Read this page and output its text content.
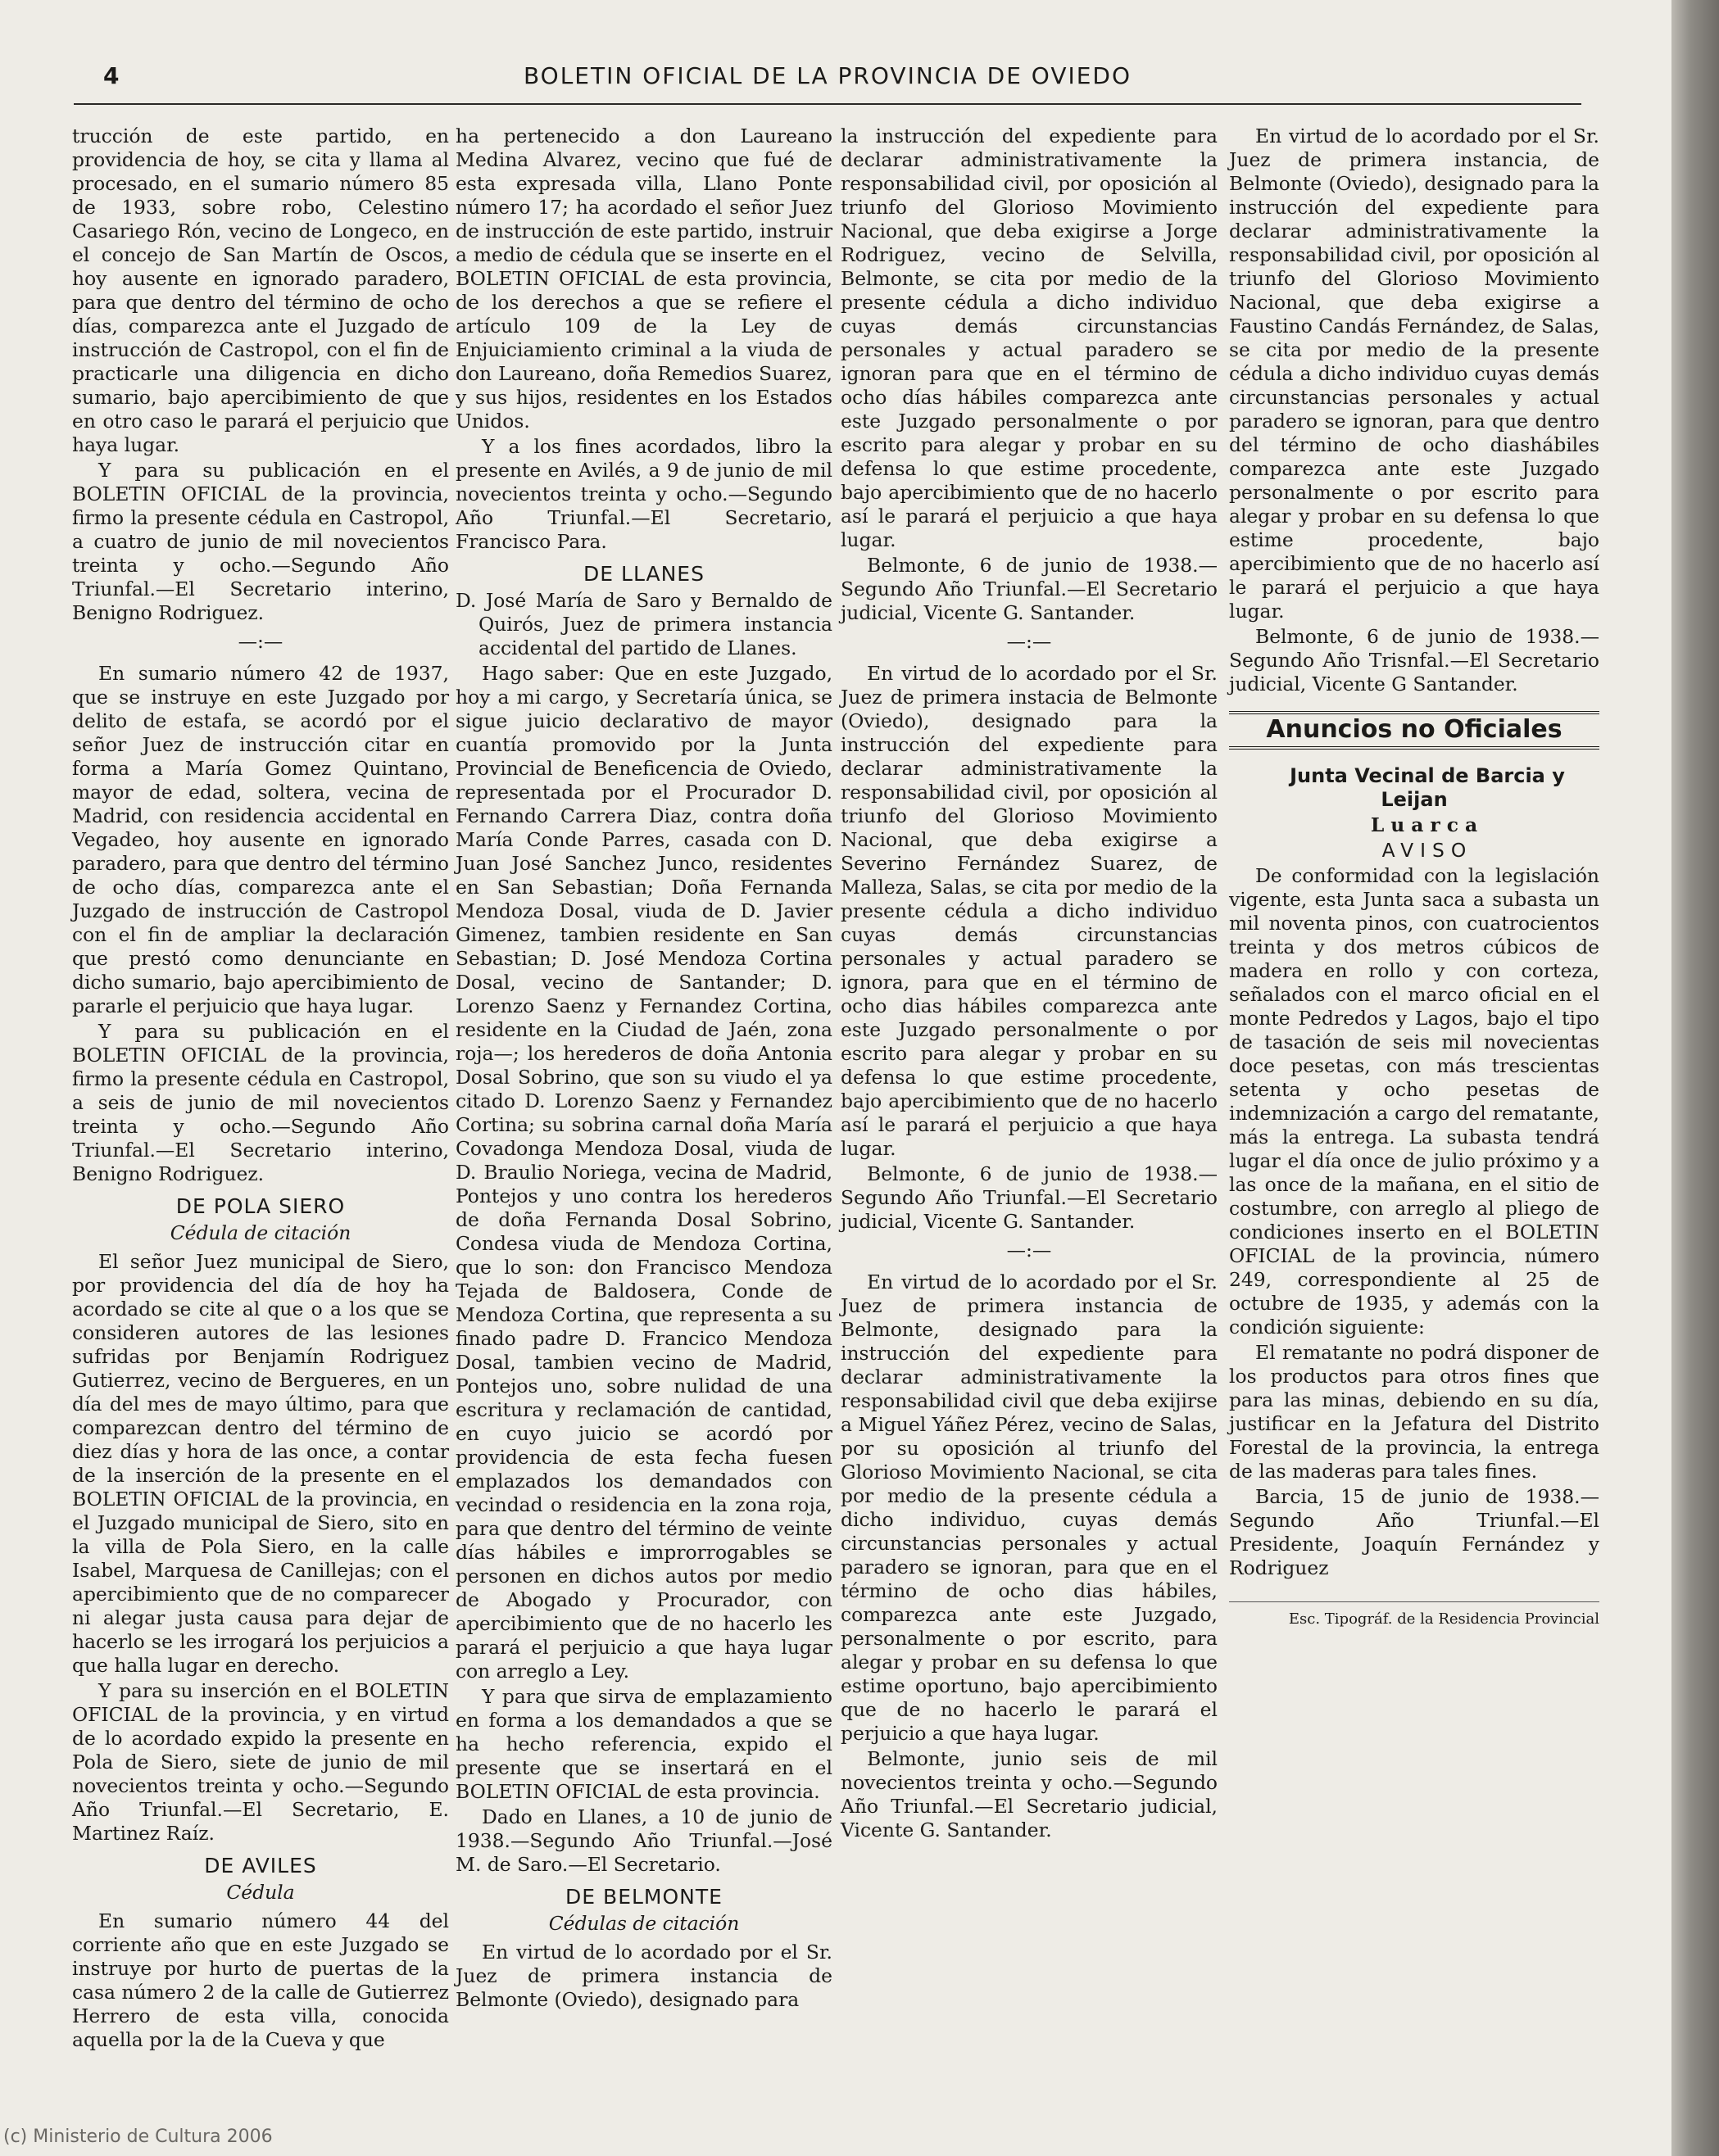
4	BOLETIN OFICIAL DE LA PROVINCIA DE OVIEDO

trucción de este partido, en providencia de hoy, se cita y llama al procesado, en el sumario número 85 de 1933, sobre robo, Celestino Casariego Rón, vecino de Longeco, en el concejo de San Martín de Oscos, hoy ausente en ignorado paradero, para que dentro del término de ocho días, comparezca ante el Juzgado de instrucción de Castropol, con el fin de practicarle una diligencia en dicho sumario, bajo apercibimiento de que en otro caso le parará el perjuicio que haya lugar.

Y para su publicación en el BOLETIN OFICIAL de la provincia, firmo la presente cédula en Castropol, a cuatro de junio de mil novecientos treinta y ocho.—Segundo Año Triunfal.—El Secretario interino, Benigno Rodriguez.

—:—

En sumario número 42 de 1937, que se instruye en este Juzgado por delito de estafa, se acordó por el señor Juez de instrucción citar en forma a María Gomez Quintano, mayor de edad, soltera, vecina de Madrid, con residencia accidental en Vegadeo, hoy ausente en ignorado paradero, para que dentro del término de ocho días, comparezca ante el Juzgado de instrucción de Castropol con el fin de ampliar la declaración que prestó como denunciante en dicho sumario, bajo apercibimiento de pararle el perjuicio que haya lugar.

Y para su publicación en el BOLETIN OFICIAL de la provincia, firmo la presente cédula en Castropol, a seis de junio de mil novecientos treinta y ocho.—Segundo Año Triunfal.—El Secretario interino, Benigno Rodriguez.

DE POLA SIERO
Cédula de citación

El señor Juez municipal de Siero, por providencia del día de hoy ha acordado se cite al que o a los que se consideren autores de las lesiones sufridas por Benjamín Rodriguez Gutierrez, vecino de Bergueres, en un día del mes de mayo último, para que comparezcan dentro del término de diez días y hora de las once, a contar de la inserción de la presente en el BOLETIN OFICIAL de la provincia, en el Juzgado municipal de Siero, sito en la villa de Pola Siero, en la calle Isabel, Marquesa de Canillejas; con el apercibimiento que de no comparecer ni alegar justa causa para dejar de hacerlo se les irrogará los perjuicios a que halla lugar en derecho.

Y para su inserción en el BOLETIN OFICIAL de la provincia, y en virtud de lo acordado expido la presente en Pola de Siero, siete de junio de mil novecientos treinta y ocho.—Segundo Año Triunfal.—El Secretario, E. Martinez Raíz.

DE AVILES
Cédula

En sumario número 44 del corriente año que en este Juzgado se instruye por hurto de puertas de la casa número 2 de la calle de Gutierrez Herrero de esta villa, conocida aquella por la de la Cueva y que

ha pertenecido a don Laureano Medina Alvarez, vecino que fué de esta expresada villa, Llano Ponte número 17; ha acordado el señor Juez de instrucción de este partido, instruir a medio de cédula que se inserte en el BOLETIN OFICIAL de esta provincia, de los derechos a que se refiere el artículo 109 de la Ley de Enjuiciamiento criminal a la viuda de don Laureano, doña Remedios Suarez, y sus hijos, residentes en los Estados Unidos.

Y a los fines acordados, libro la presente en Avilés, a 9 de junio de mil novecientos treinta y ocho.—Segundo Año Triunfal.—El Secretario, Francisco Para.

DE LLANES

D. José María de Saro y Bernaldo de Quirós, Juez de primera instancia accidental del partido de Llanes.

Hago saber: Que en este Juzgado, hoy a mi cargo, y Secretaría única, se sigue juicio declarativo de mayor cuantía promovido por la Junta Provincial de Beneficencia de Oviedo, representada por el Procurador D. Fernando Carrera Diaz, contra doña María Conde Parres, casada con D. Juan José Sanchez Junco, residentes en San Sebastian; Doña Fernanda Mendoza Dosal, viuda de D. Javier Gimenez, tambien residente en San Sebastian; D. José Mendoza Cortina Dosal, vecino de Santander; D. Lorenzo Saenz y Fernandez Cortina, residente en la Ciudad de Jaén, zona roja—; los herederos de doña Antonia Dosal Sobrino, que son su viudo el ya citado D. Lorenzo Saenz y Fernandez Cortina; su sobrina carnal doña María Covadonga Mendoza Dosal, viuda de D. Braulio Noriega, vecina de Madrid, Pontejos y uno contra los herederos de doña Fernanda Dosal Sobrino, Condesa viuda de Mendoza Cortina, que lo son: don Francisco Mendoza Tejada de Baldosera, Conde de Mendoza Cortina, que representa a su finado padre D. Francico Mendoza Dosal, tambien vecino de Madrid, Pontejos uno, sobre nulidad de una escritura y reclamación de cantidad, en cuyo juicio se acordó por providencia de esta fecha fuesen emplazados los demandados con vecindad o residencia en la zona roja, para que dentro del término de veinte días hábiles e improrrogables se personen en dichos autos por medio de Abogado y Procurador, con apercibimiento que de no hacerlo les parará el perjuicio a que haya lugar con arreglo a Ley.

Y para que sirva de emplazamiento en forma a los demandados a que se ha hecho referencia, expido el presente que se insertará en el BOLETIN OFICIAL de esta provincia.

Dado en Llanes, a 10 de junio de 1938.—Segundo Año Triunfal.—José M. de Saro.—El Secretario.

DE BELMONTE
Cédulas de citación

En virtud de lo acordado por el Sr. Juez de primera instancia de Belmonte (Oviedo), designado para

la instrucción del expediente para declarar administrativamente la responsabilidad civil, por oposición al triunfo del Glorioso Movimiento Nacional, que deba exigirse a Jorge Rodriguez, vecino de Selvilla, Belmonte, se cita por medio de la presente cédula a dicho individuo cuyas demás circunstancias personales y actual paradero se ignoran para que en el término de ocho días hábiles comparezca ante este Juzgado personalmente o por escrito para alegar y probar en su defensa lo que estime procedente, bajo apercibimiento que de no hacerlo así le parará el perjuicio a que haya lugar.

Belmonte, 6 de junio de 1938.—Segundo Año Triunfal.—El Secretario judicial, Vicente G. Santander.

—:—

En virtud de lo acordado por el Sr. Juez de primera instacia de Belmonte (Oviedo), designado para la instrucción del expediente para declarar administrativamente la responsabilidad civil, por oposición al triunfo del Glorioso Movimiento Nacional, que deba exigirse a Severino Fernández Suarez, de Malleza, Salas, se cita por medio de la presente cédula a dicho individuo cuyas demás circunstancias personales y actual paradero se ignora, para que en el término de ocho dias hábiles comparezca ante este Juzgado personalmente o por escrito para alegar y probar en su defensa lo que estime procedente, bajo apercibimiento que de no hacerlo así le parará el perjuicio a que haya lugar.

Belmonte, 6 de junio de 1938.—Segundo Año Triunfal.—El Secretario judicial, Vicente G. Santander.

—:—

En virtud de lo acordado por el Sr. Juez de primera instancia de Belmonte, designado para la instrucción del expediente para declarar administrativamente la responsabilidad civil que deba exijirse a Miguel Yáñez Pérez, vecino de Salas, por su oposición al triunfo del Glorioso Movimiento Nacional, se cita por medio de la presente cédula a dicho individuo, cuyas demás circunstancias personales y actual paradero se ignoran, para que en el término de ocho dias hábiles, comparezca ante este Juzgado, personalmente o por escrito, para alegar y probar en su defensa lo que estime oportuno, bajo apercibimiento que de no hacerlo le parará el perjuicio a que haya lugar.

Belmonte, junio seis de mil novecientos treinta y ocho.—Segundo Año Triunfal.—El Secretario judicial, Vicente G. Santander.

En virtud de lo acordado por el Sr. Juez de primera instancia, de Belmonte (Oviedo), designado para la instrucción del expediente para declarar administrativamente la responsabilidad civil, por oposición al triunfo del Glorioso Movimiento Nacional, que deba exigirse a Faustino Candás Fernández, de Salas, se cita por medio de la presente cédula a dicho individuo cuyas demás circunstancias personales y actual paradero se ignoran, para que dentro del término de ocho diashábiles comparezca ante este Juzgado personalmente o por escrito para alegar y probar en su defensa lo que estime procedente, bajo apercibimiento que de no hacerlo así le parará el perjuicio a que haya lugar.

Belmonte, 6 de junio de 1938.—Segundo Año Trisnfal.—El Secretario judicial, Vicente G Santander.

Anuncios no Oficiales

Junta Vecinal de Barcia y Leijan

Luarca

AVISO

De conformidad con la legislación vigente, esta Junta saca a subasta un mil noventa pinos, con cuatrocientos treinta y dos metros cúbicos de madera en rollo y con corteza, señalados con el marco oficial en el monte Pedredos y Lagos, bajo el tipo de tasación de seis mil novecientas doce pesetas, con más trescientas setenta y ocho pesetas de indemnización a cargo del rematante, más la entrega. La subasta tendrá lugar el día once de julio próximo y a las once de la mañana, en el sitio de costumbre, con arreglo al pliego de condiciones inserto en el BOLETIN OFICIAL de la provincia, número 249, correspondiente al 25 de octubre de 1935, y además con la condición siguiente:

El rematante no podrá disponer de los productos para otros fines que para las minas, debiendo en su día, justificar en la Jefatura del Distrito Forestal de la provincia, la entrega de las maderas para tales fines.

Barcia, 15 de junio de 1938.—Segundo Año Triunfal.—El Presidente, Joaquín Fernández y Rodriguez

Esc. Tipográf. de la Residencia Provincial
(c) Ministerio de Cultura 2006
